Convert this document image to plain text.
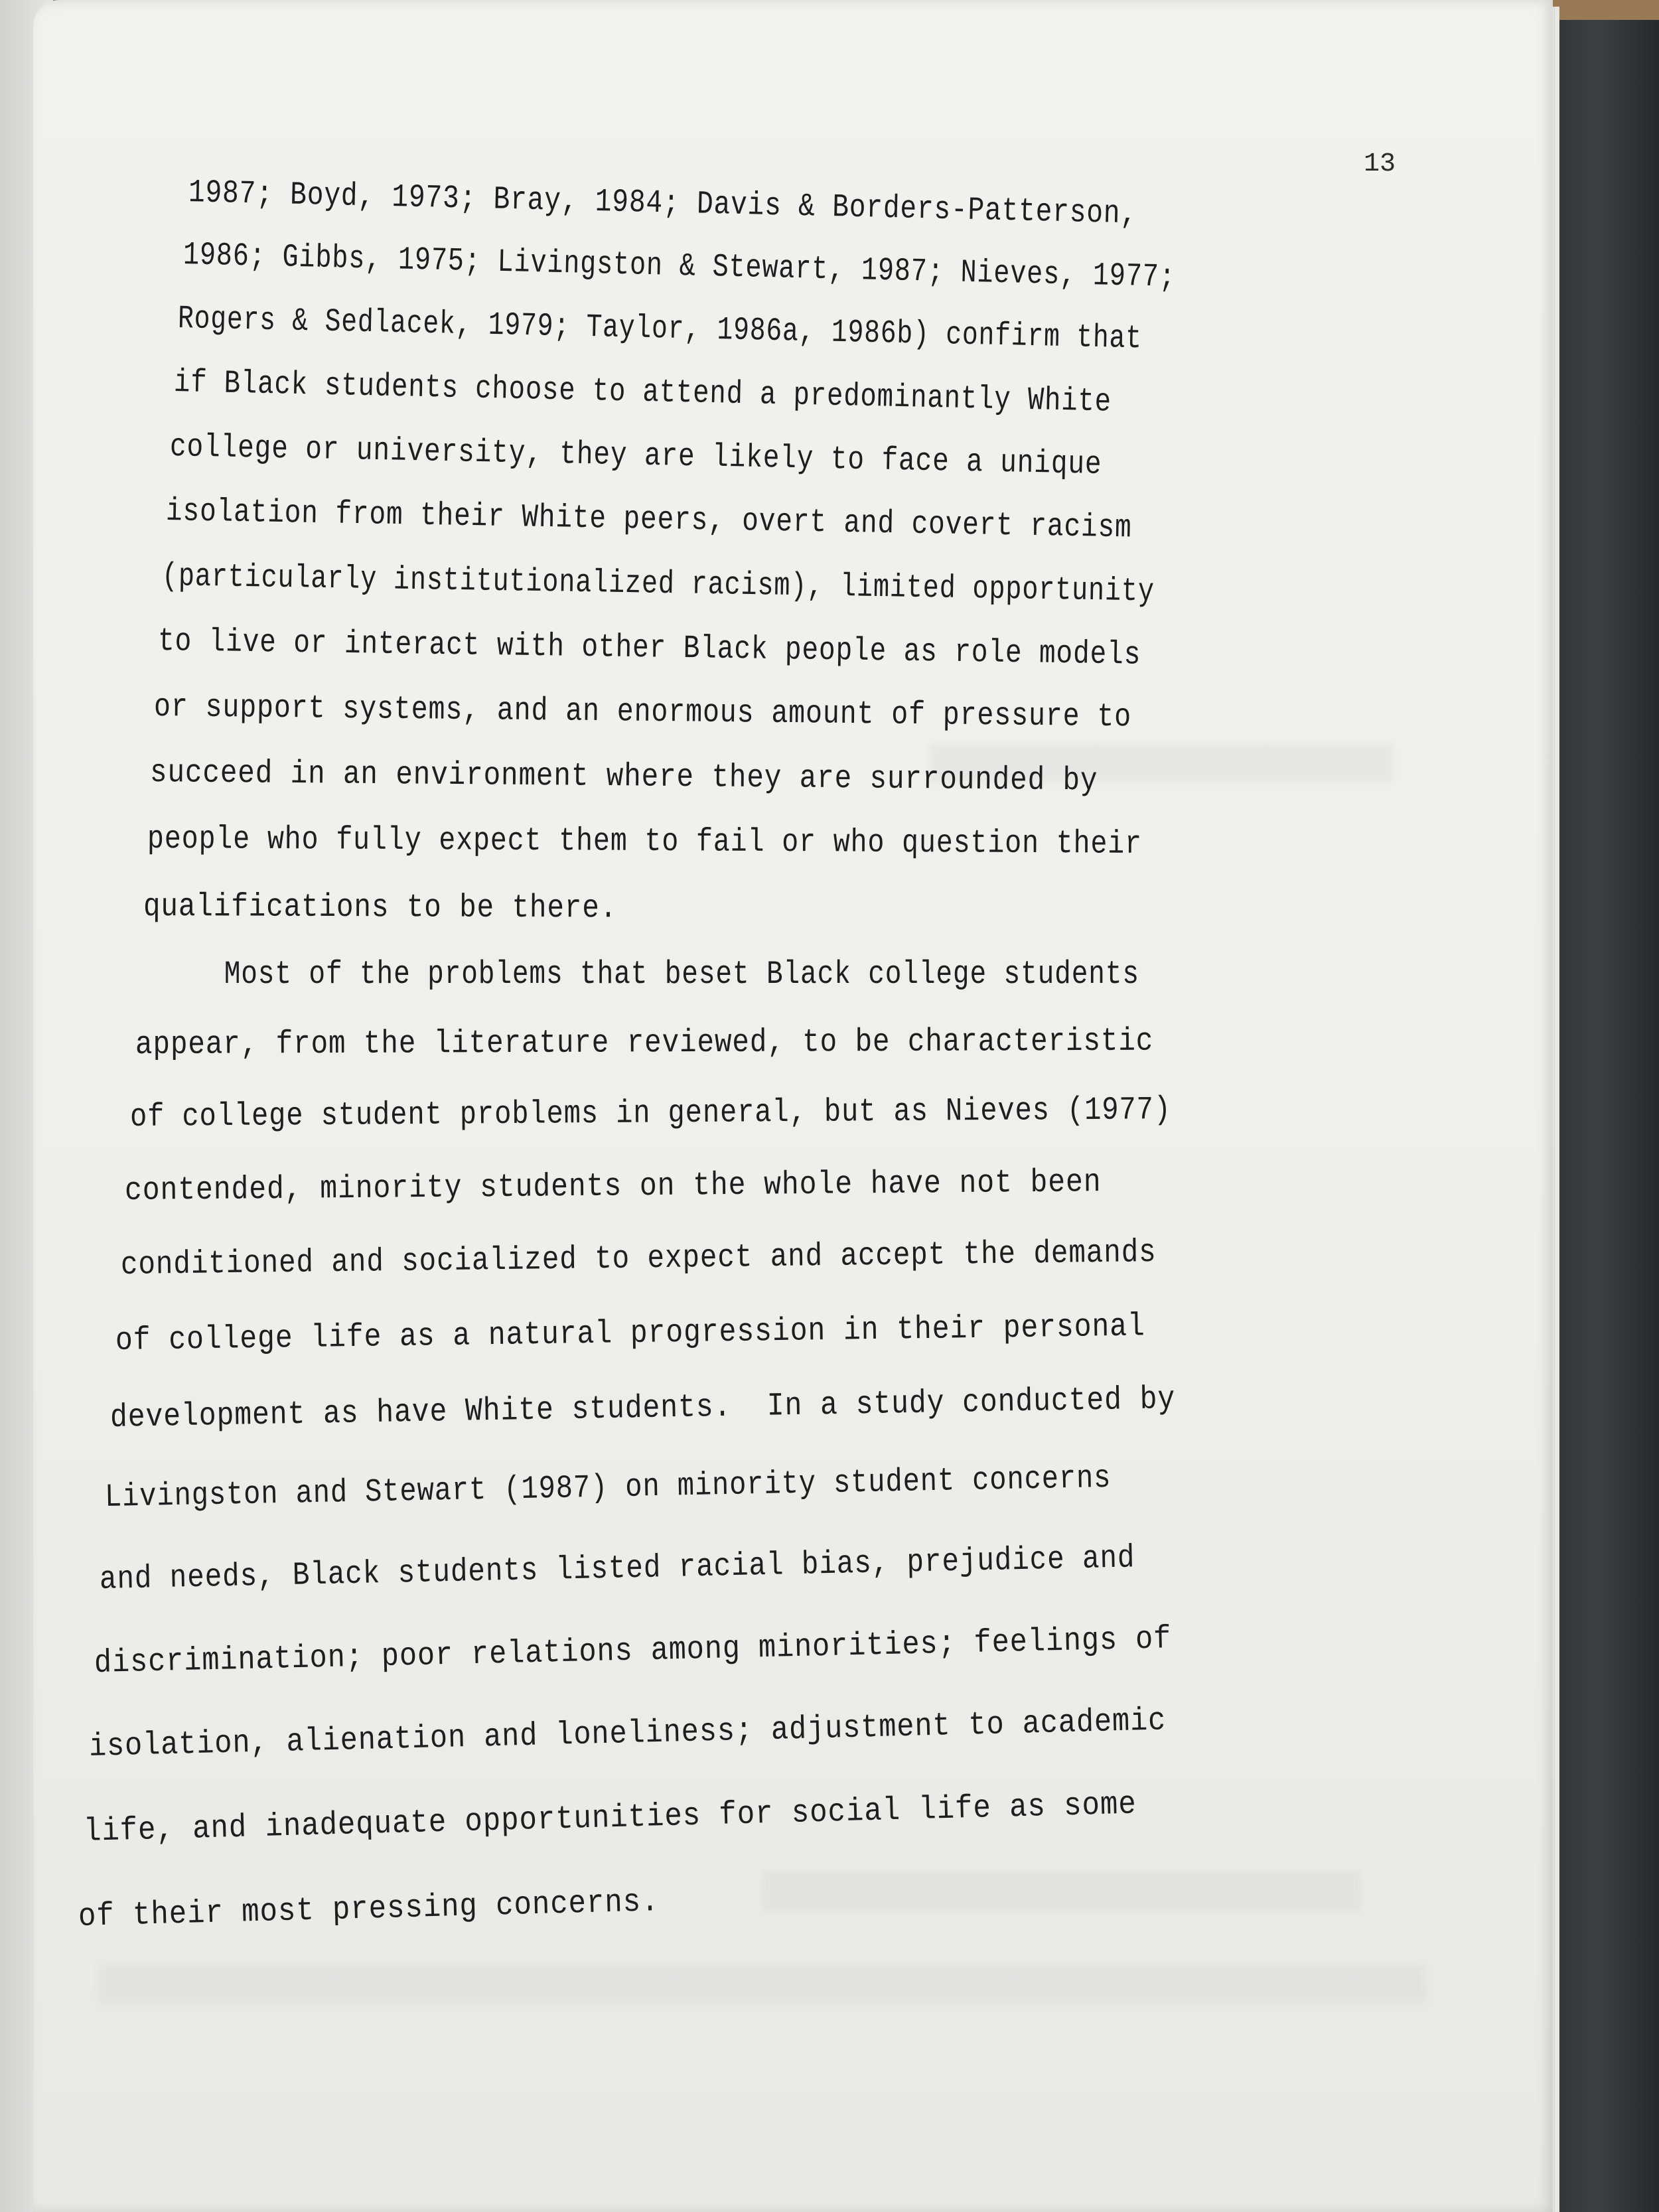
13
1987; Boyd, 1973; Bray, 1984; Davis & Borders-Patterson,
1986; Gibbs, 1975; Livingston & Stewart, 1987; Nieves, 1977;
Rogers & Sedlacek, 1979; Taylor, 1986a, 1986b) confirm that
if Black students choose to attend a predominantly White
college or university, they are likely to face a unique
isolation from their White peers, overt and covert racism
(particularly institutionalized racism), limited opportunity
to live or interact with other Black people as role models
or support systems, and an enormous amount of pressure to
succeed in an environment where they are surrounded by
people who fully expect them to fail or who question their
qualifications to be there.
Most of the problems that beset Black college students
appear, from the literature reviewed, to be characteristic
of college student problems in general, but as Nieves (1977)
contended, minority students on the whole have not been
conditioned and socialized to expect and accept the demands
of college life as a natural progression in their personal
development as have White students.  In a study conducted by
Livingston and Stewart (1987) on minority student concerns
and needs, Black students listed racial bias, prejudice and
discrimination; poor relations among minorities; feelings of
isolation, alienation and loneliness; adjustment to academic
life, and inadequate opportunities for social life as some
of their most pressing concerns.
